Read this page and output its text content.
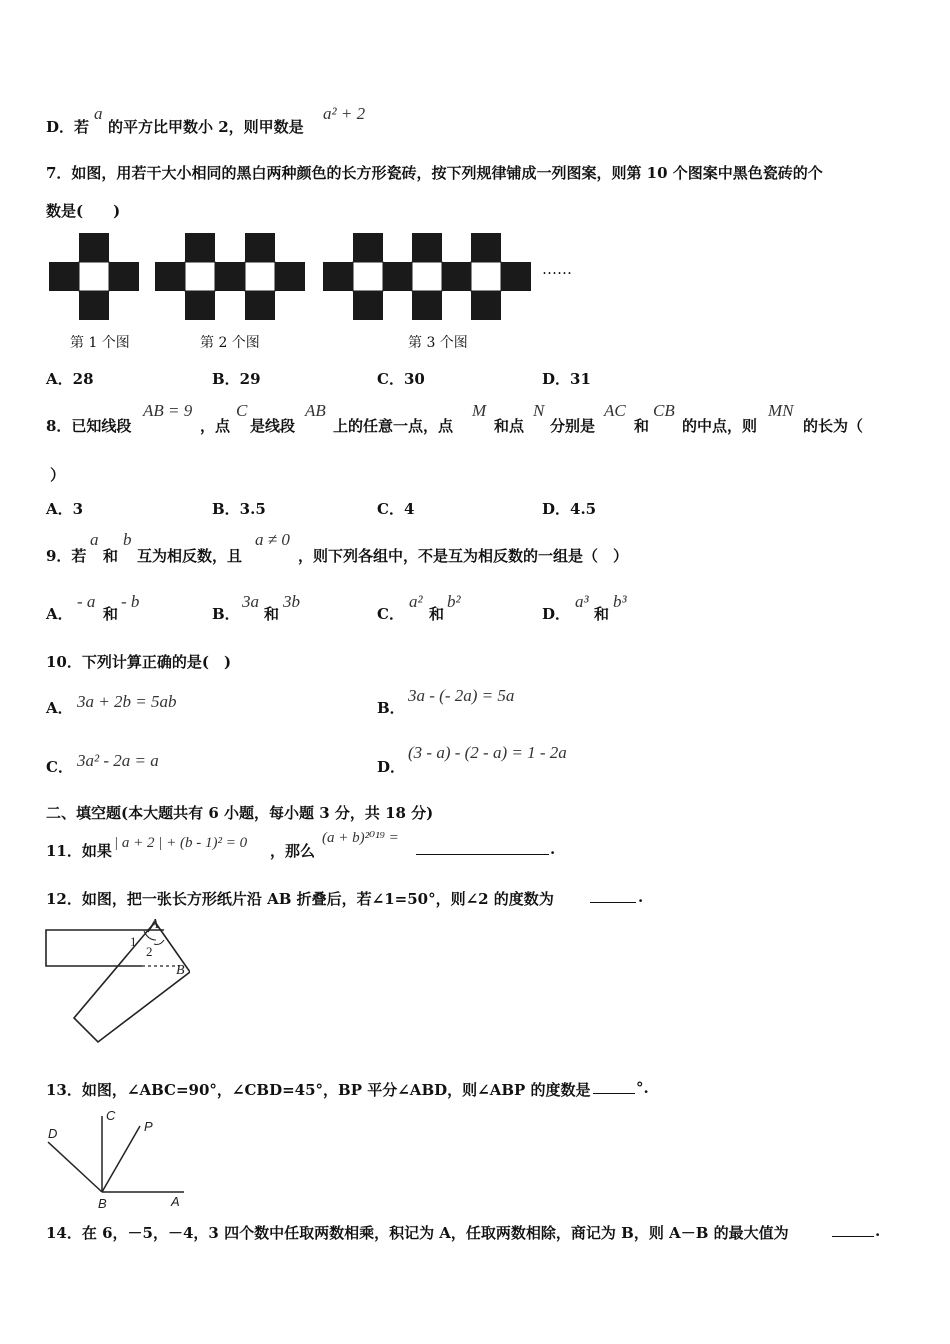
D．若
a
的平方比甲数小 2，则甲数是
a² + 2
7．如图，用若干大小相同的黑白两种颜色的长方形瓷砖，按下列规律铺成一列图案，则第 10 个图案中黑色瓷砖的个
数是(　　)
……
第 1 个图	第 2 个图	第 3 个图
A．28	B．29	C．30	D．31
8．已知线段
AB = 9
，点
C
是线段
AB
上的任意一点，点
M
和点
N
分别是
AC
和
CB
的中点，则
MN
的长为（
）
A．3	B．3.5	C．4	D．4.5
9．若
a
和
b
互为相反数，且
a ≠ 0
，则下列各组中，不是互为相反数的一组是（　）
A．
- a
和
- b
B．
3a
和
3b
C．
a²
和
b²
D．
a³
和
b³
10．下列计算正确的是(　)
A． 3a + 2b = 5ab	B．
3a - (- 2a) = 5a
C． 3a² - 2a = a	D．
(3 - a) - (2 - a) = 1 - 2a
二、填空题(本大题共有 6 小题，每小题 3 分，共 18 分)
11．如果 | a + 2 | + (b - 1)² = 0 ，那么
(a + b)²⁰¹⁹ =
.
12．如图，把一张长方形纸片沿 AB 折叠后，若∠1=50°，则∠2 的度数为	.
A
B
1
2
13．如图，∠ABC=90°，∠CBD=45°，BP 平分∠ABD，则∠ABP 的度数是	°.
D
C
P
B	A
14．在 6，－5，－4，3 四个数中任取两数相乘，积记为 A，任取两数相除，商记为 B，则 A－B 的最大值为	.
